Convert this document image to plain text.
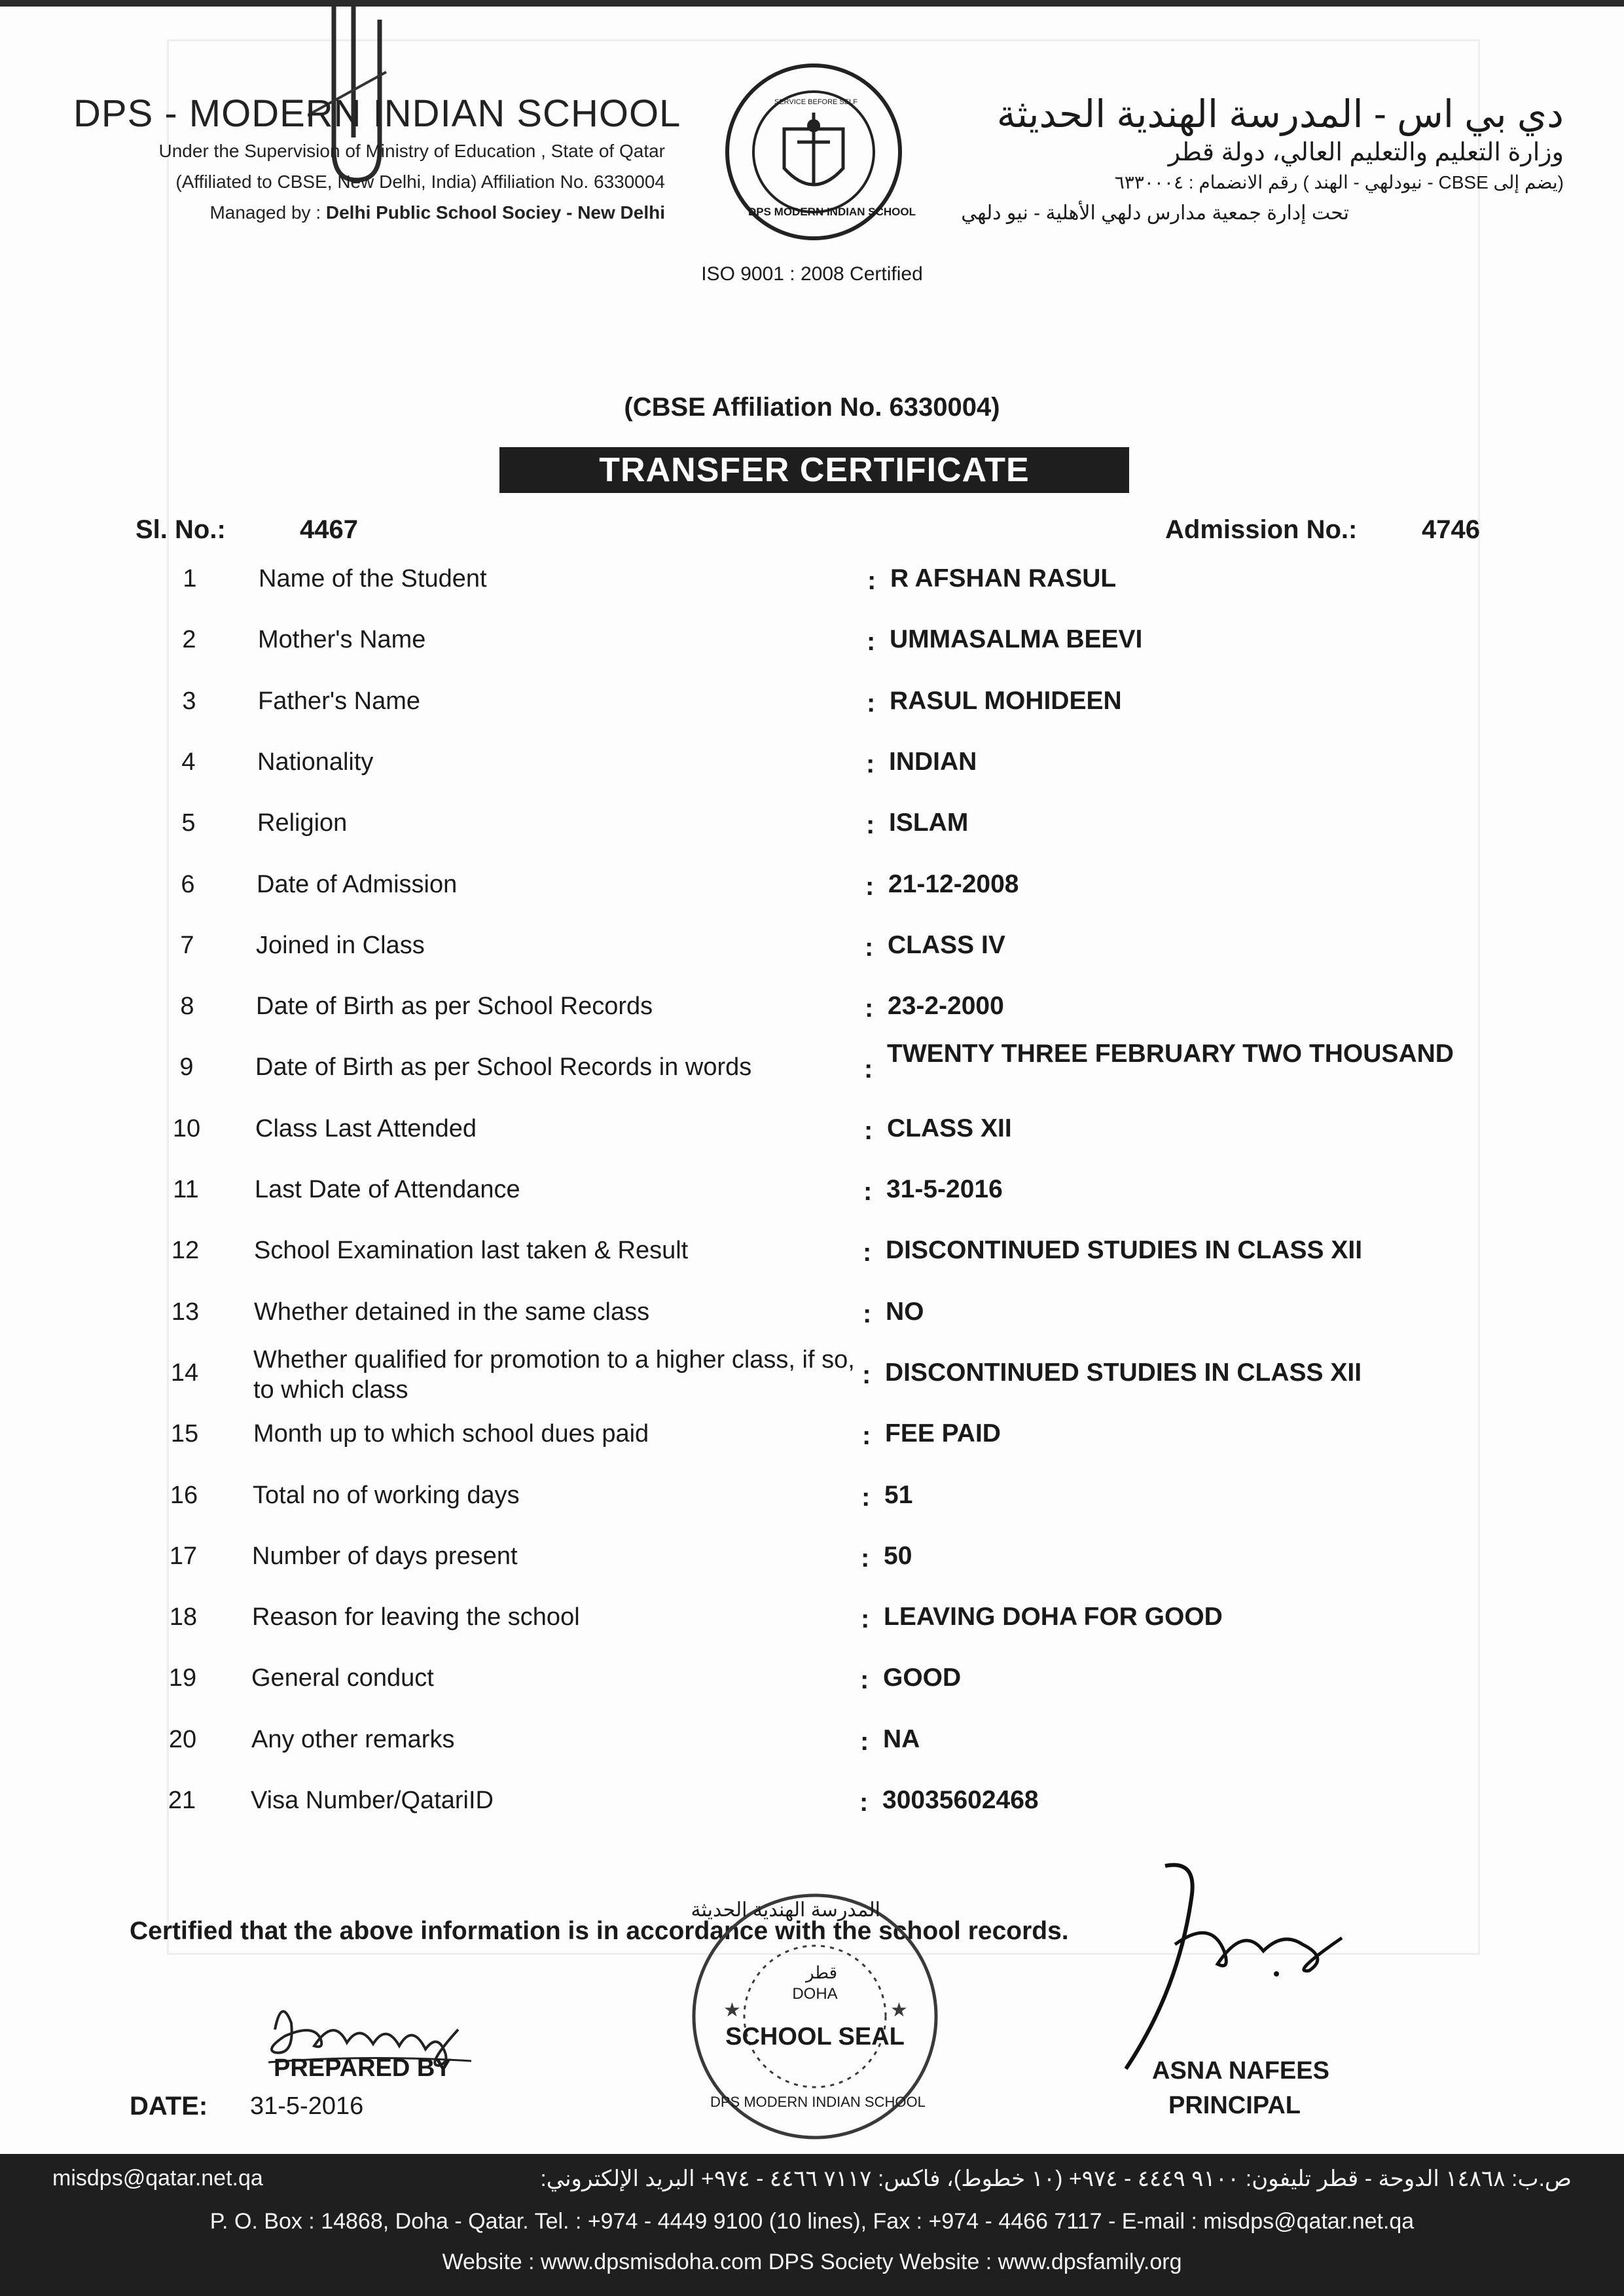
DPS - MODERN INDIAN SCHOOL
Under the Supervision of Ministry of Education , State of Qatar
(Affiliated to CBSE, New Delhi, India) Affiliation No. 6330004
Managed by : Delhi Public School Sociey - New Delhi	DPS MODERN INDIAN SCHOOL
SERVICE BEFORE SELF	دي بي اس - المدرسة الهندية الحديثة
وزارة التعليم والتعليم العالي، دولة قطر
(يضم إلى CBSE - نيودلهي - الهند ) رقم الانضمام : ٦٣٣٠٠٠٤
تحت إدارة جمعية مدارس دلهي الأهلية - نيو دلهي
ISO 9001 : 2008 Certified
(CBSE Affiliation No. 6330004)
TRANSFER CERTIFICATE
Sl. No.:	4467	Admission No.: 4746
1	Name of the Student	: R AFSHAN RASUL
2	Mother's Name	: UMMASALMA BEEVI
3	Father's Name	: RASUL MOHIDEEN
4	Nationality	: INDIAN
5	Religion	: ISLAM
6	Date of Admission	: 21-12-2008
7	Joined in Class	: CLASS IV
8	Date of Birth as per School Records	: 23-2-2000
9	Date of Birth as per School Records in words	:
TWENTY THREE FEBRUARY TWO THOUSAND
10	Class Last Attended	: CLASS XII
11	Last Date of Attendance	: 31-5-2016
12	School Examination last taken & Result	: DISCONTINUED STUDIES IN CLASS XII
13	Whether detained in the same class	: NO
14	Whether qualified for promotion to a higher class, if so, to which class
: DISCONTINUED STUDIES IN CLASS XII
15	Month up to which school dues paid	: FEE PAID
16	Total no of working days	: 51
17	Number of days present	: 50
18	Reason for leaving the school	: LEAVING DOHA FOR GOOD
19	General conduct	: GOOD
20	Any other remarks	: NA
21	Visa Number/QatariID	: 30035602468
Certified that the above information is in accordance with the school records.
PREPARED BY
DATE: 31-5-2016
★	★
المدرسة الهندية الحديثة
قطر
DOHA
SCHOOL SEAL
DPS MODERN INDIAN SCHOOL
ASNA NAFEES
PRINCIPAL
misdps@qatar.net.qa	ص.ب: ١٤٨٦٨ الدوحة - قطر تليفون: ٩١٠٠ ٤٤٤٩ - ٩٧٤+ (١٠ خطوط)، فاكس: ٧١١٧ ٤٤٦٦ - ٩٧٤+ البريد الإلكتروني:
P. O. Box : 14868, Doha - Qatar. Tel. : +974 - 4449 9100 (10 lines), Fax : +974 - 4466 7117 - E-mail : misdps@qatar.net.qa
Website : www.dpsmisdoha.com DPS Society Website : www.dpsfamily.org
